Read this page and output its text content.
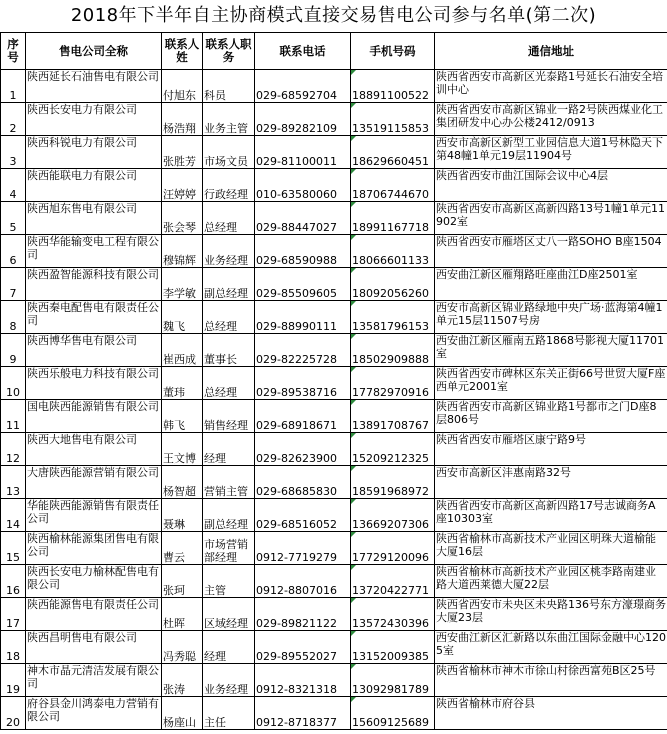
2018年下半年自主协商模式直接交易售电公司参与名单(第二次)
序号	售电公司全称	联系人姓	联系人职务	联系电话	手机号码	通信地址
1	陕西延长石油售电有限公司	付旭东	科员	029-68592704	18891100522	陕西省西安市高新区光泰路1号延长石油安全培训中心
2	陕西长安电力有限公司	杨浩翔	业务主管	029-89282109	13519115853	陕西省西安市高新区锦业一路2号陕西煤业化工集团研发中心办公楼2412/0913
3	陕西科锐电力有限公司	张胜芳	市场文员	029-81100011	18629660451	西安市高新区新型工业园信息大道1号林隐天下第48幢1单元19层11904号
4	陕西能联电力有限公司	汪婷婷	行政经理	010-63580060	18706744670	陕西省西安市曲江国际会议中心4层
5	陕西旭东售电有限公司	张会琴	总经理	029-88447027	18991167718	陕西省西安市高新区高新四路13号1幢1单元11902室
6	陕西华能输变电工程有限公司	穆锦辉	业务经理	029-68590988	18066601133	陕西省西安市雁塔区丈八一路SOHO B座1504
7	陕西盈智能源科技有限公司	李学敏	副总经理	029-85509605	18092056260	西安曲江新区雁翔路旺座曲江D座2501室
8	陕西秦电配售电有限责任公司	魏飞	总经理	029-88990111	13581796153	西安市高新区锦业路绿地中央广场·蓝海第4幢1单元15层11507号房
9	陕西博华售电有限公司	崔西成	董事长	029-82225728	18502909888	西安曲江新区雁南五路1868号影视大厦11701室
10	陕西乐般电力科技有限公司	董玮	总经理	029-89538716	17782970916	陕西省西安市碑林区东关正街66号世贸大厦F座西单元2001室
11	国电陕西能源销售有限公司	韩飞	销售经理	029-68918671	13891708767	陕西省西安市高新区锦业路1号都市之门D座8层806号
12	陕西大地售电有限公司	王文博	经理	029-82623900	15209212325	陕西省西安市雁塔区康宁路9号
13	大唐陕西能源营销有限公司	杨智超	营销主管	029-68685830	18591968972	西安市高新区沣惠南路32号
14	华能陕西能源销售有限责任公司	聂琳	副总经理	029-68516052	13669207306	陕西省西安市高新区高新四路17号志诚商务A座10303室
15	陕西榆林能源集团售电有限公司	曹云	市场营销部经理	0912-7719279	17729120096	陕西省榆林市高新技术产业园区明珠大道榆能大厦16层
16	陕西长安电力榆林配售电有限公司	张珂	主管	0912-8807016	13720422771	陕西省榆林市高新技术产业园区桃李路南建业路大道西莱德大厦22层
17	陕西能源售电有限责任公司	杜晖	区域经理	029-89821122	13572430396	陕西省西安市未央区未央路136号东方濠璟商务大厦23层
18	陕西昌明售电有限公司	冯秀聪	经理	029-89552027	13152009385	西安曲江新区汇新路以东曲江国际金融中心1205室
19	神木市晶元清洁发展有限公司	张涛	业务经理	0912-8321318	13092981789	陕西省榆林市神木市徐山村徐西富苑B区25号
20	府谷县金川鸿泰电力营销有限公司	杨座山	主任	0912-8718377	15609125689	陕西省榆林市府谷县
